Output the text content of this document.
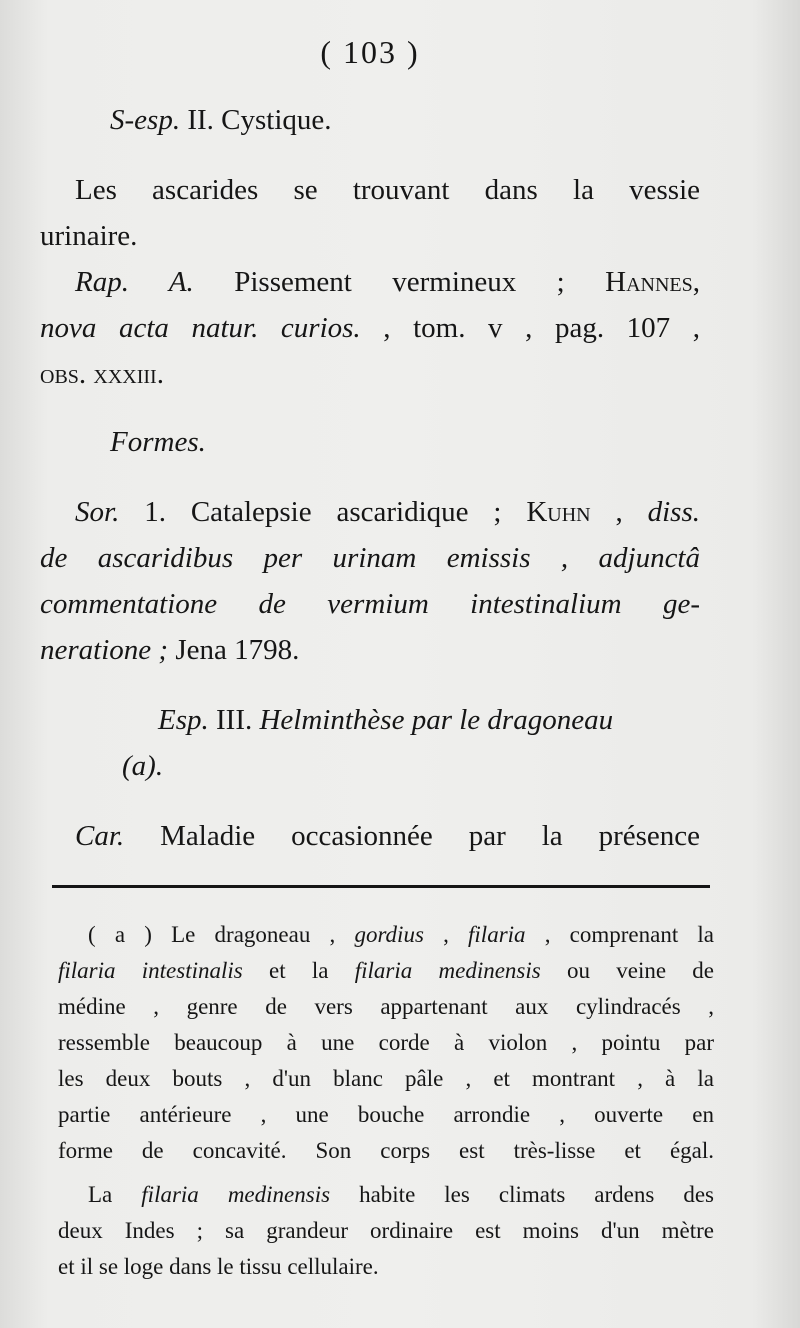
( 103 )
S-esp. II. Cystique.
Les ascarides se trouvant dans la vessie
urinaire.
Rap. A. Pissement vermineux ; Hannes,
nova acta natur. curios. , tom. v , pag. 107 ,
obs. xxxiii.
Formes.
Sor. 1. Catalepsie ascaridique ; Kuhn , diss.
de ascaridibus per urinam emissis , adjunctâ
commentatione de vermium intestinalium ge-
neratione ; Jena 1798.
Esp. III. Helminthèse par le dragoneau
(a).
Car. Maladie occasionnée par la présence
( a ) Le dragoneau , gordius , filaria , comprenant la
filaria intestinalis et la filaria medinensis ou veine de
médine , genre de vers appartenant aux cylindracés ,
ressemble beaucoup à une corde à violon , pointu par
les deux bouts , d'un blanc pâle , et montrant , à la
partie antérieure , une bouche arrondie , ouverte en
forme de concavité. Son corps est très-lisse et égal.
La filaria medinensis habite les climats ardens des
deux Indes ; sa grandeur ordinaire est moins d'un mètre
et il se loge dans le tissu cellulaire.
